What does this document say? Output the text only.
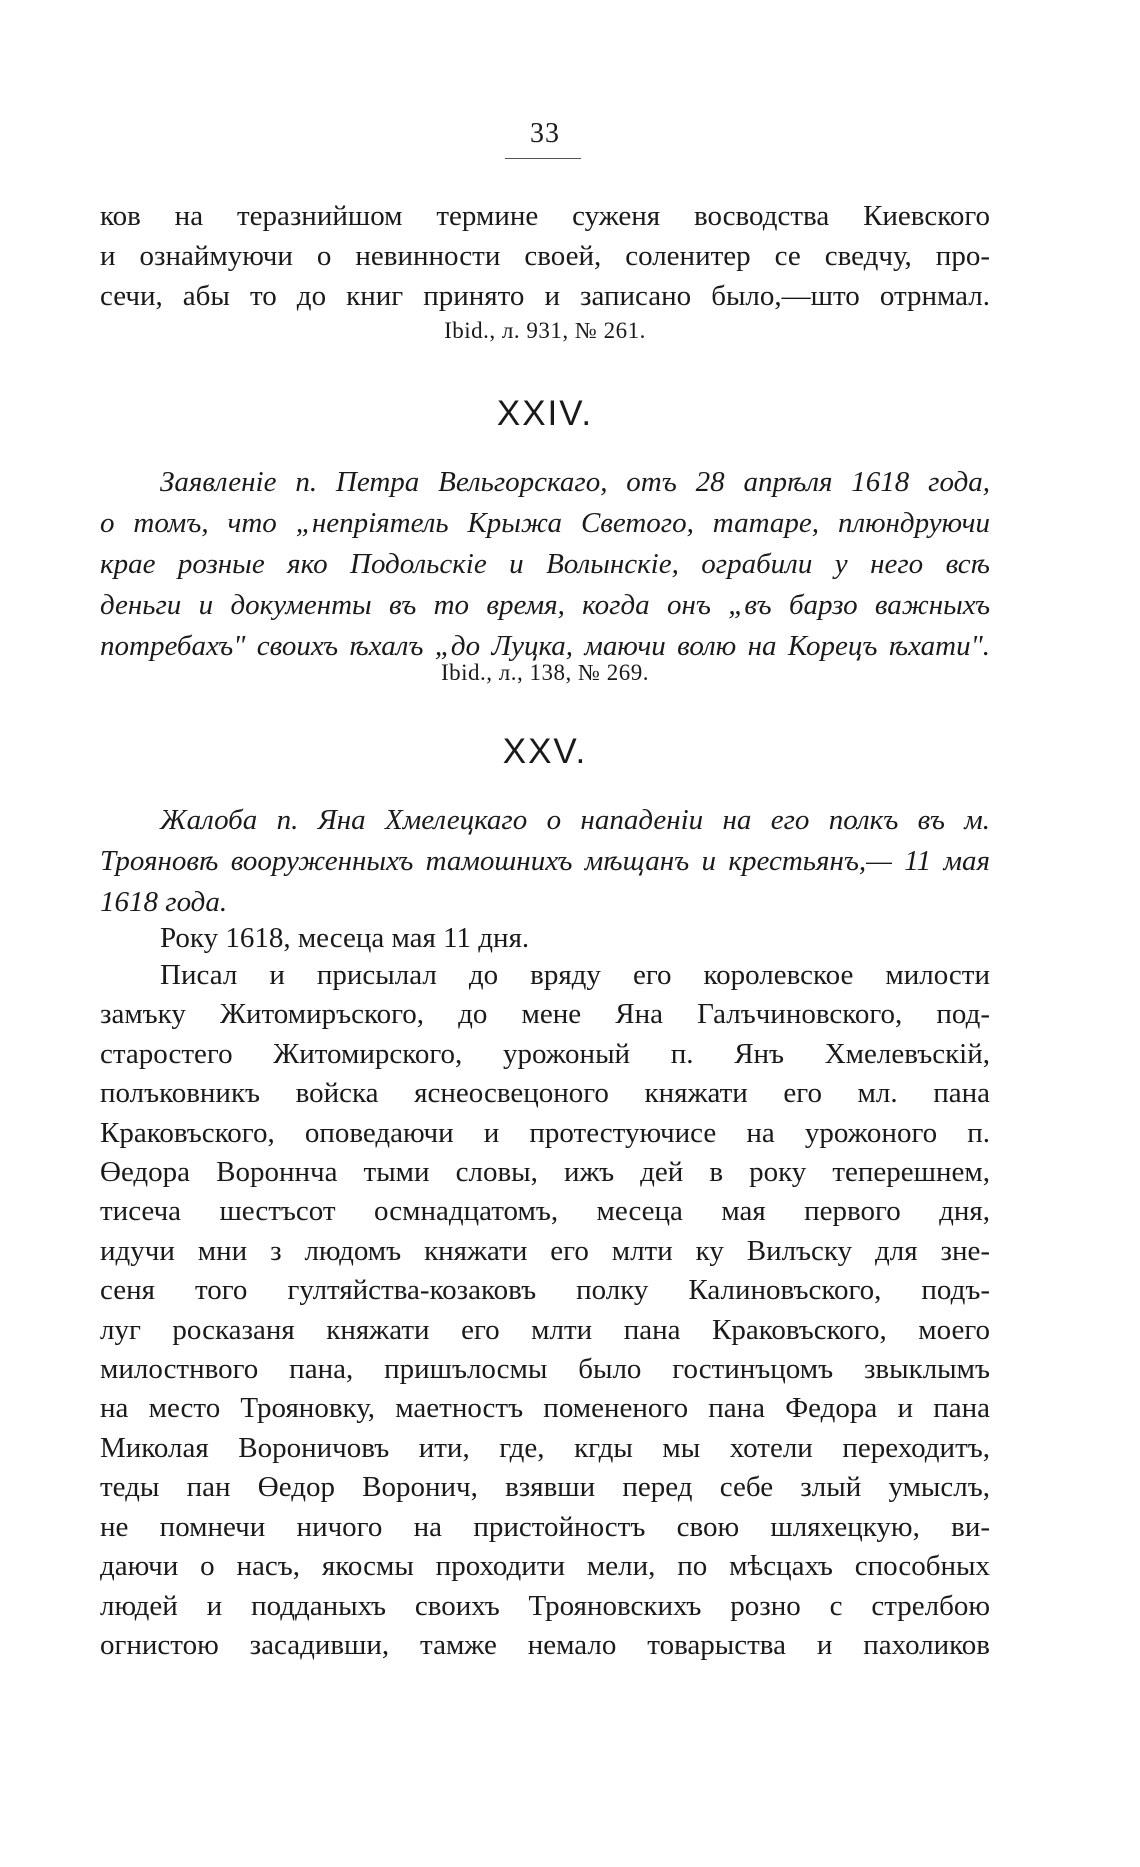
33
ков на теразнийшом термине суженя восводства Киевского
и ознаймуючи о невинности своей, соленитер се сведчу, про-
сечи, абы то до книг принято и записано было,—што отрнмал.
Ibid., л. 931, № 261.
XXIV.
Заявленіе п. Петра Вельгорскаго, отъ 28 апрѣля 1618 года,
о томъ, что „непріятель Крыжа Светого, татаре, плюндруючи
крае розные яко Подольскіе и Волынскіе, ограбили у него всѣ
деньги и документы въ то время, когда онъ „въ барзо важныхъ
потребахъ" своихъ ѣхалъ „до Луцка, маючи волю на Корецъ ѣхати".
Ibid., л., 138, № 269.
XXV.
Жалоба п. Яна Хмелецкаго о нападеніи на его полкъ въ м.
Трояновѣ вооруженныхъ тамошнихъ мѣщанъ и крестьянъ,— 11 мая
1618 года.
Року 1618, месеца мая 11 дня.
Писал и присылал до вряду его королевское милости
замъку Житомиръского, до мене Яна Галъчиновского, под-
старостего Житомирского, урожоный п. Янъ Хмелевъскій,
полъковникъ войска яснеосвецоного княжати его мл. пана
Краковъского, оповедаючи и протестуючисе на урожоного п.
Өедора Вороннча тыми словы, ижъ дей в року теперешнем,
тисеча шестъсот осмнадцатомъ, месеца мая первого дня,
идучи мни з людомъ княжати его млти ку Вилъску для зне-
сеня того гултяйства-козаковъ полку Калиновъского, подъ-
луг росказаня княжати его млти пана Краковъского, моего
милостнвого пана, пришълосмы было гостинъцомъ звыклымъ
на место Трояновку, маетностъ помененого пана Федора и пана
Миколая Вороничовъ ити, где, кгды мы хотели переходитъ,
теды пан Өедор Воронич, взявши перед себе злый умыслъ,
не помнечи ничого на пристойностъ свою шляхецкую, ви-
даючи о насъ, якосмы проходити мели, по мѣсцахъ способных
людей и подданыхъ своихъ Трояновскихъ розно с стрелбою
огнистою засадивши, тамже немало товарыства и пахоликов
